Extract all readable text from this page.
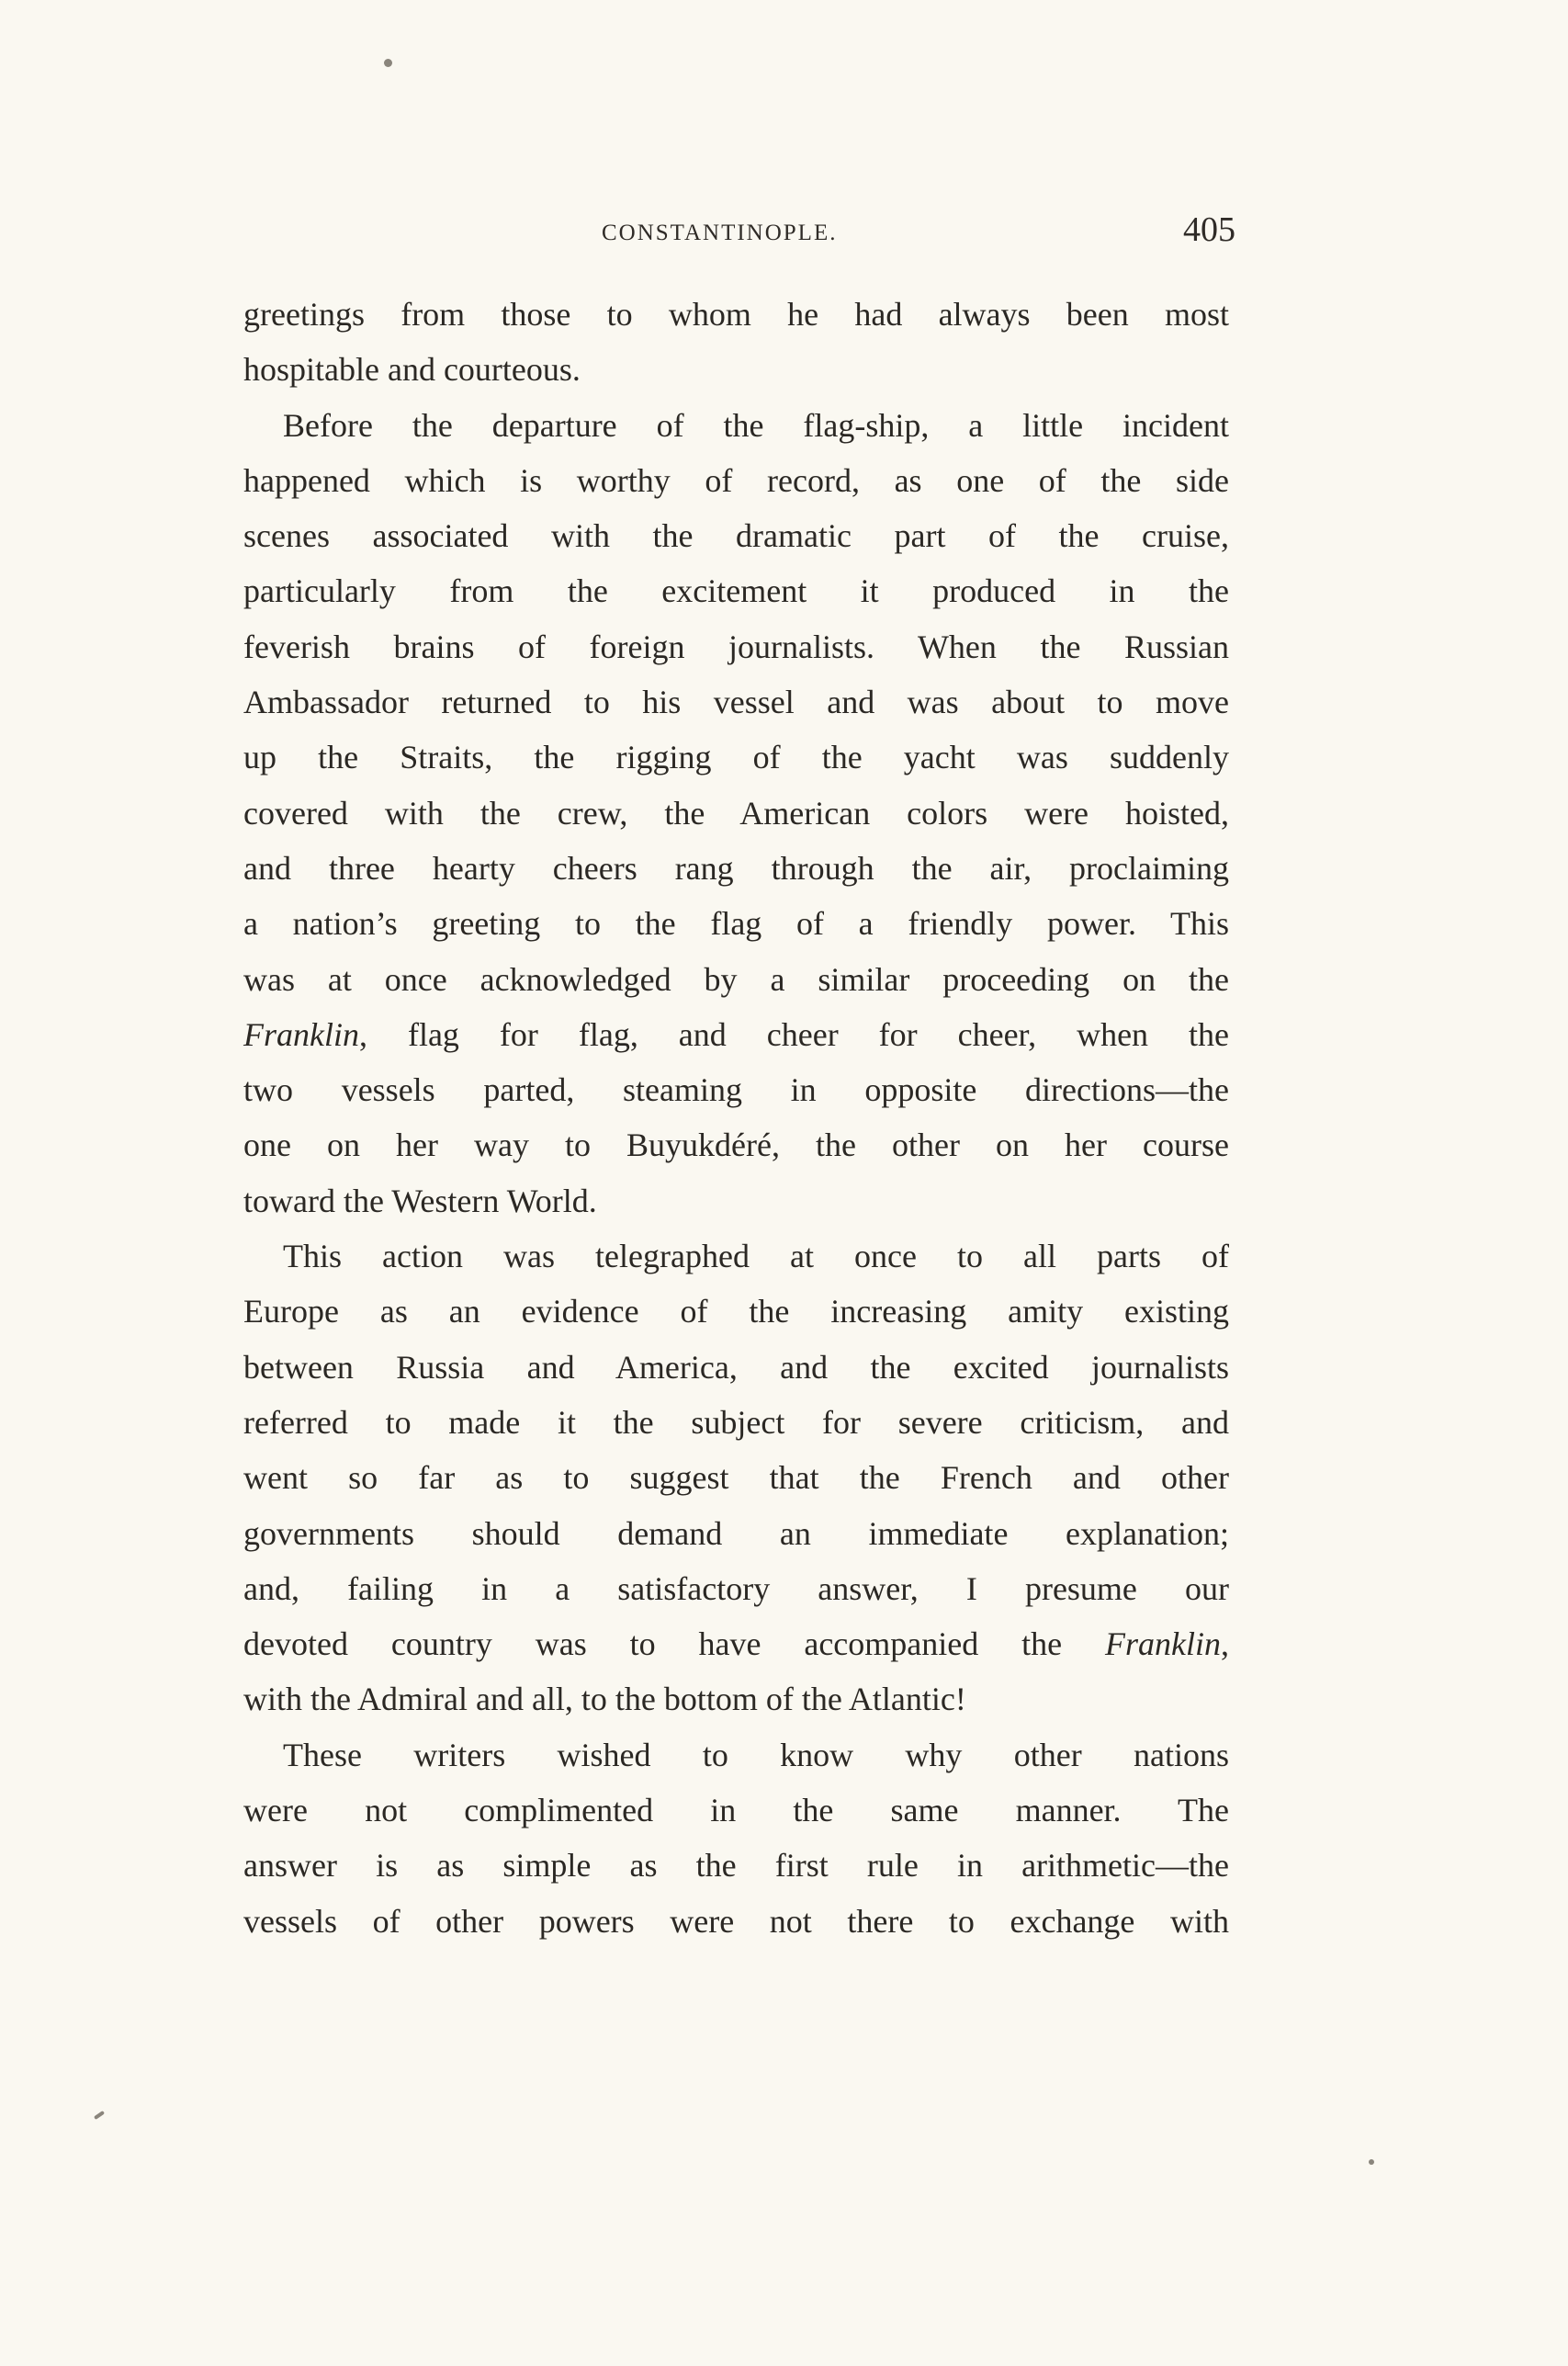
CONSTANTINOPLE.	405
greetings from those to whom he had always been most
hospitable and courteous.
Before the departure of the flag-ship, a little incident
happened which is worthy of record, as one of the side
scenes associated with the dramatic part of the cruise,
particularly from the excitement it produced in the
feverish brains of foreign journalists. When the Russian
Ambassador returned to his vessel and was about to move
up the Straits, the rigging of the yacht was suddenly
covered with the crew, the American colors were hoisted,
and three hearty cheers rang through the air, proclaiming
a nation’s greeting to the flag of a friendly power. This
was at once acknowledged by a similar proceeding on the
Franklin, flag for flag, and cheer for cheer, when the
two vessels parted, steaming in opposite directions—the
one on her way to Buyukdéré, the other on her course
toward the Western World.
This action was telegraphed at once to all parts of
Europe as an evidence of the increasing amity existing
between Russia and America, and the excited journalists
referred to made it the subject for severe criticism, and
went so far as to suggest that the French and other
governments should demand an immediate explanation;
and, failing in a satisfactory answer, I presume our
devoted country was to have accompanied the Franklin,
with the Admiral and all, to the bottom of the Atlantic!
These writers wished to know why other nations
were not complimented in the same manner. The
answer is as simple as the first rule in arithmetic—the
vessels of other powers were not there to exchange with
